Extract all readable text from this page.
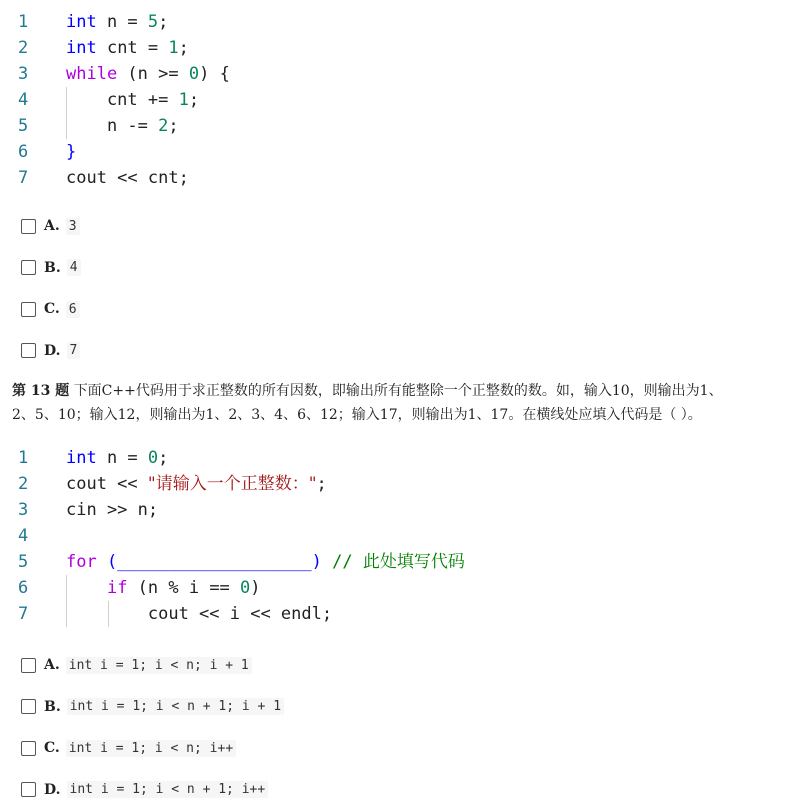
1 int n = 5;
2 int cnt = 1;
3 while (n >= 0) {
4 cnt += 1;
5 n -= 2;
6 }
7 cout << cnt;
A. 3
B. 4
C. 6
D. 7
第 13 题 下面C++代码用于求正整数的所有因数，即输出所有能整除一个正整数的数。如，输入10，则输出为1、
2、5、10；输入12，则输出为1、2、3、4、6、12；输入17，则输出为1、17。在横线处应填入代码是（ ）。
1 int n = 0;
2 cout << "请输入一个正整数：";
3 cin >> n;
4
5 for (___________________) // 此处填写代码
6	if (n % i == 0)
7 cout << i << endl;
A. int i = 1; i < n; i + 1
B. int i = 1; i < n + 1; i + 1
C. int i = 1; i < n; i++
D. int i = 1; i < n + 1; i++
